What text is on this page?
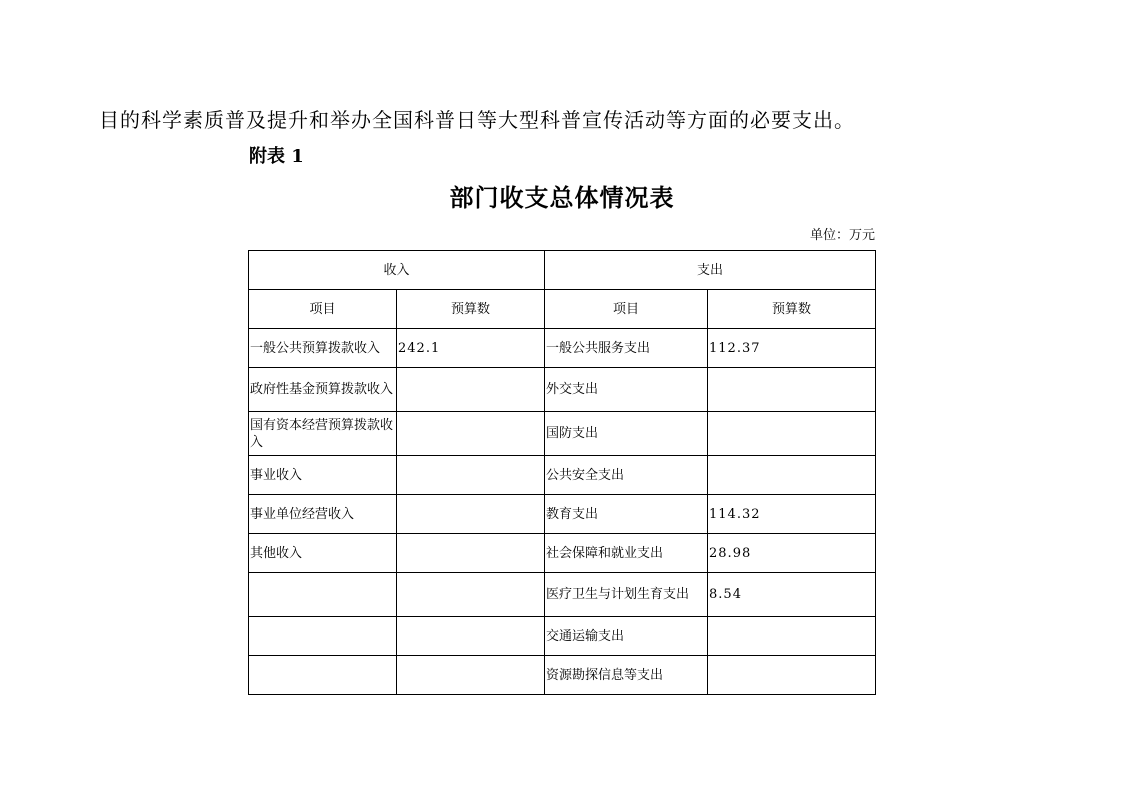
目的科学素质普及提升和举办全国科普日等大型科普宣传活动等方面的必要支出。
附表 1
部门收支总体情况表
单位：万元
收入		支出	
项目	预算数	项目	预算数
一般公共预算拨款收入	242.1	一般公共服务支出	112.37
政府性基金预算拨款收入		外交支出	
国有资本经营预算拨款收入		国防支出	
事业收入		公共安全支出	
事业单位经营收入		教育支出	114.32
其他收入		社会保障和就业支出	28.98
		医疗卫生与计划生育支出	8.54
		交通运输支出	
		资源勘探信息等支出	
